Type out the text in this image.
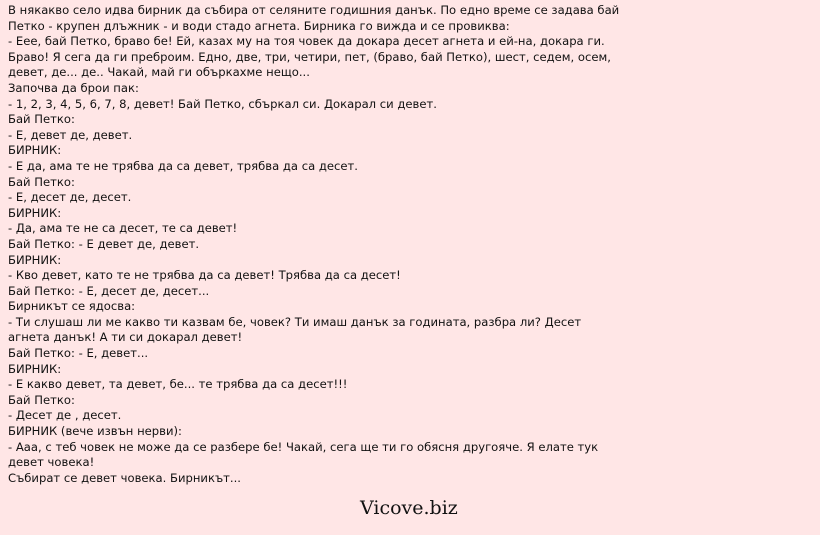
В някакво село идва бирник да събира от селяните годишния данък. По едно време се задава бай
Петко - крупен длъжник - и води стадо агнета. Бирника го вижда и се провиква:
- Еее, бай Петко, браво бе! Ей, казах му на тоя човек да докара десет агнета и ей-на, докара ги.
Браво! Я сега да ги преброим. Едно, две, три, четири, пет, (браво, бай Петко), шест, седем, осем,
девет, де... де.. Чакай, май ги объркахме нещо...
Започва да брои пак:
- 1, 2, 3, 4, 5, 6, 7, 8, девет! Бай Петко, сбъркал си. Докарал си девет.
Бай Петко:
- Е, девет де, девет.
БИРНИК:
- Е да, ама те не трябва да са девет, трябва да са десет.
Бай Петко:
- Е, десет де, десет.
БИРНИК:
- Да, ама те не са десет, те са девет!
Бай Петко: - Е девет де, девет.
БИРНИК:
- Кво девет, като те не трябва да са девет! Трябва да са десет!
Бай Петко: - Е, десет де, десет...
Бирникът се ядосва:
- Ти слушаш ли ме какво ти казвам бе, човек? Ти имаш данък за годината, разбра ли? Десет
агнета данък! А ти си докарал девет!
Бай Петко: - Е, девет...
БИРНИК:
- Е какво девет, та девет, бе... те трябва да са десет!!!
Бай Петко:
- Десет де , десет.
БИРНИК (вече извън нерви):
- Ааа, с теб човек не може да се разбере бе! Чакай, сега ще ти го обясня другояче. Я елате тук
девет човека!
Събират се девет човека. Бирникът...
Vicove.biz
